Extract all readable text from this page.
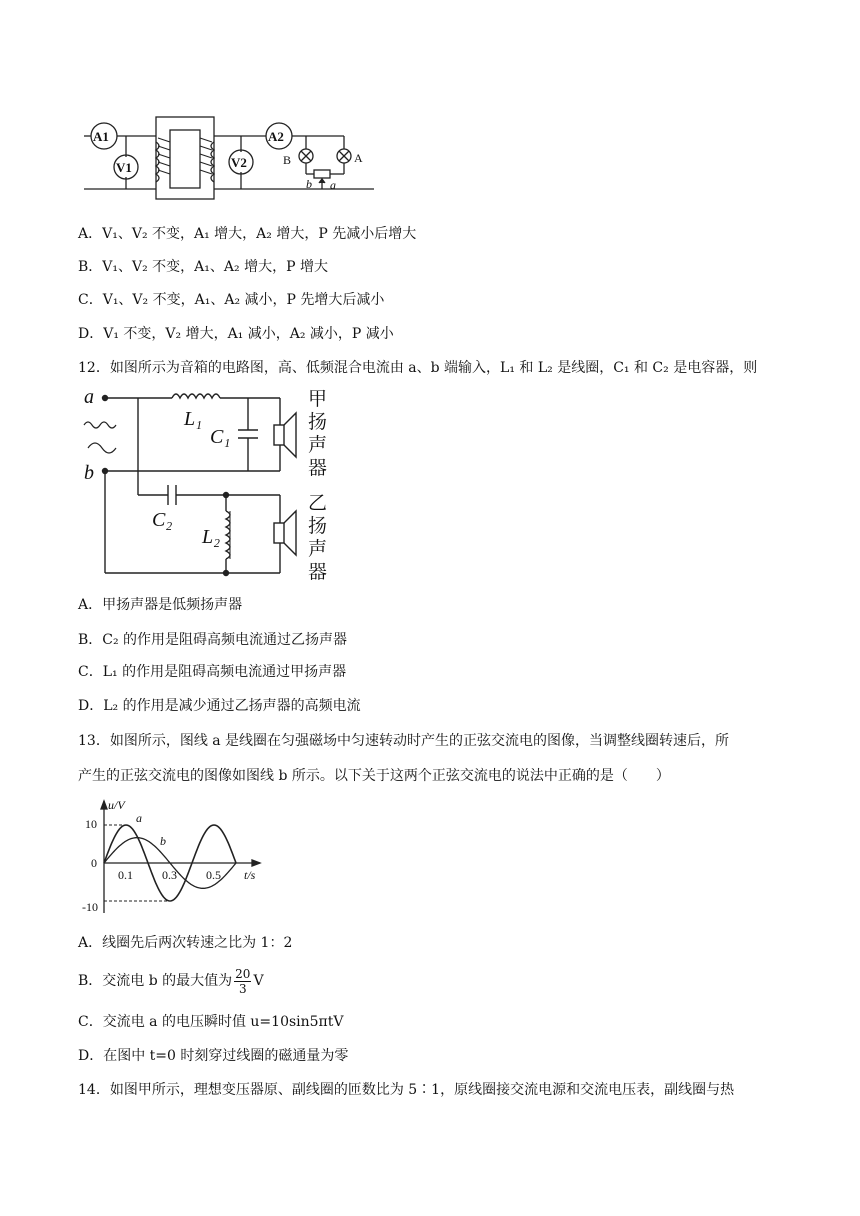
A1
V1	V2
A2
B	A
b a
A．V₁、V₂ 不变，A₁ 增大，A₂ 增大，P 先减小后增大
B．V₁、V₂ 不变，A₁、A₂ 增大，P 增大
C．V₁、V₂ 不变，A₁、A₂ 减小，P 先增大后减小
D．V₁ 不变，V₂ 增大，A₁ 减小，A₂ 减小，P 减小
12．如图所示为音箱的电路图，高、低频混合电流由 a、b 端输入，L₁ 和 L₂ 是线圈，C₁ 和 C₂ 是电容器，则
a
b
L₁
C₁
C₂
L₂
甲
扬
声
器
乙
扬
声
器
A．甲扬声器是低频扬声器
B．C₂ 的作用是阻碍高频电流通过乙扬声器
C．L₁ 的作用是阻碍高频电流通过甲扬声器
D．L₂ 的作用是减少通过乙扬声器的高频电流
13．如图所示，图线 a 是线圈在匀强磁场中匀速转动时产生的正弦交流电的图像，当调整线圈转速后，所
产生的正弦交流电的图像如图线 b 所示。以下关于这两个正弦交流电的说法中正确的是（　　）
u/V
t/s
10
0
-10
0.1 0.3 0.5
a
b
A．线圈先后两次转速之比为 1：2
B．交流电 b 的最大值为 $\frac{20}{3}$ V
C．交流电 a 的电压瞬时值 u=10sin5πtV
D．在图中 t=0 时刻穿过线圈的磁通量为零
14．如图甲所示，理想变压器原、副线圈的匝数比为 5∶1，原线圈接交流电源和交流电压表，副线圈与热
